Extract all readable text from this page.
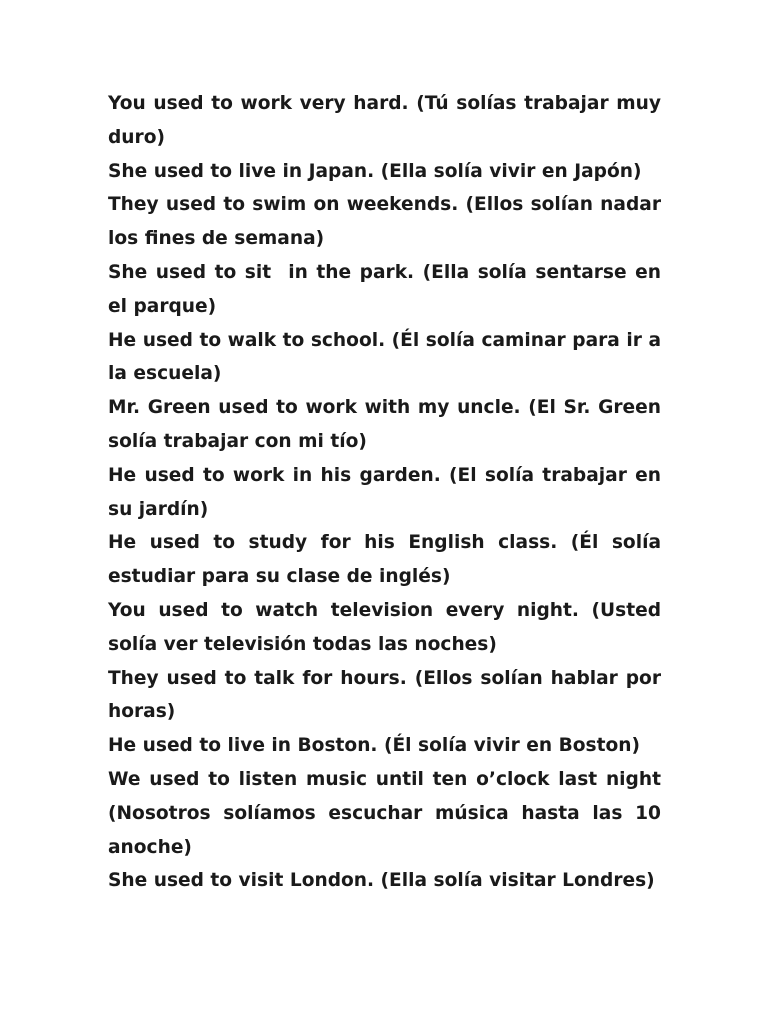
You used to work very hard. (Tú solías trabajar muy duro)

She used to live in Japan. (Ella solía vivir en Japón)

They used to swim on weekends. (Ellos solían nadar los fines de semana)

She used to sit  in the park. (Ella solía sentarse en el parque)

He used to walk to school. (Él solía caminar para ir a la escuela)

Mr. Green used to work with my uncle. (El Sr. Green solía trabajar con mi tío)

He used to work in his garden. (El solía trabajar en su jardín)

He used to study for his English class. (Él solía estudiar para su clase de inglés)

You used to watch television every night. (Usted solía ver televisión todas las noches)

They used to talk for hours. (Ellos solían hablar por horas)

He used to live in Boston. (Él solía vivir en Boston)

We used to listen music until ten o’clock last night (Nosotros solíamos escuchar música hasta las 10 anoche)

She used to visit London. (Ella solía visitar Londres)
